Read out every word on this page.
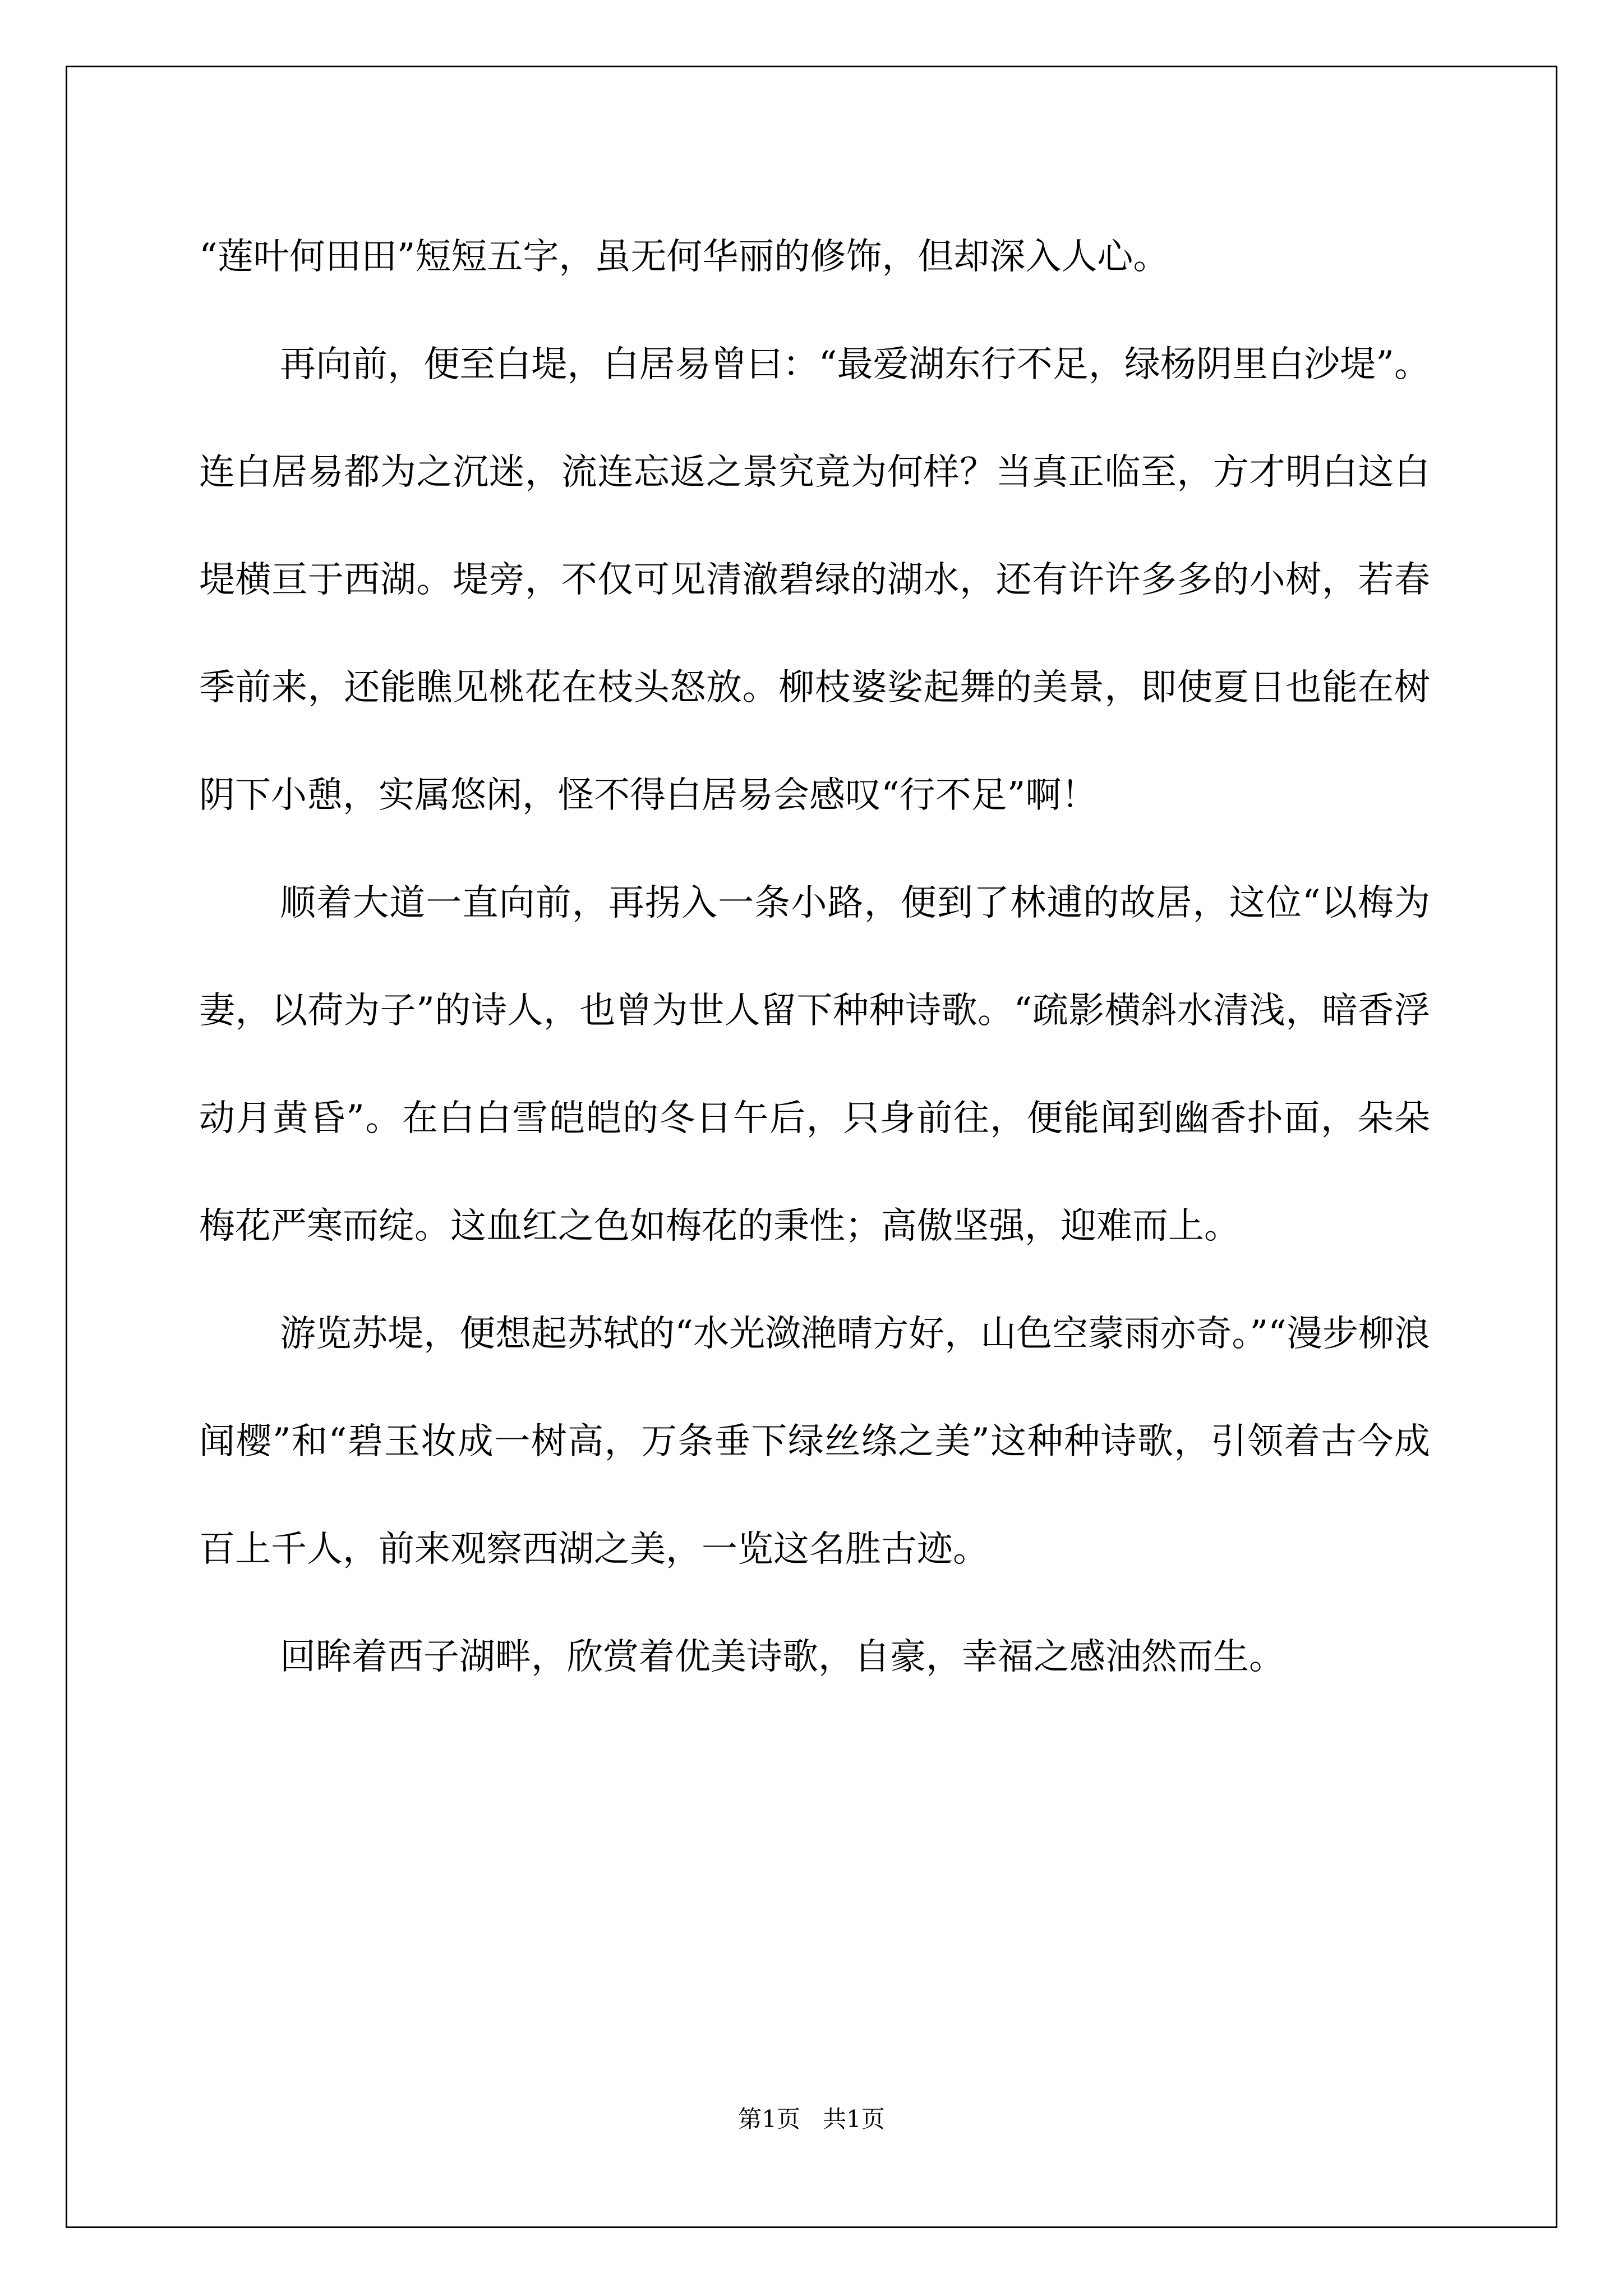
“莲叶何田田”短短五字，虽无何华丽的修饰，但却深入人心。

再向前，便至白堤，白居易曾曰：“最爱湖东行不足，绿杨阴里白沙堤”。连白居易都为之沉迷，流连忘返之景究竟为何样？当真正临至，方才明白这白堤横亘于西湖。堤旁，不仅可见清澈碧绿的湖水，还有许许多多的小树，若春季前来，还能瞧见桃花在枝头怒放。柳枝婆娑起舞的美景，即使夏日也能在树阴下小憩，实属悠闲，怪不得白居易会感叹“行不足”啊！

顺着大道一直向前，再拐入一条小路，便到了林逋的故居，这位“以梅为妻，以荷为子”的诗人，也曾为世人留下种种诗歌。“疏影横斜水清浅，暗香浮动月黄昏”。在白白雪皑皑的冬日午后，只身前往，便能闻到幽香扑面，朵朵梅花严寒而绽。这血红之色如梅花的秉性；高傲坚强，迎难而上。

游览苏堤，便想起苏轼的“水光潋滟晴方好，山色空蒙雨亦奇。”“漫步柳浪闻樱”和“碧玉妆成一树高，万条垂下绿丝绦之美”这种种诗歌，引领着古今成百上千人，前来观察西湖之美，一览这名胜古迹。

回眸着西子湖畔，欣赏着优美诗歌，自豪，幸福之感油然而生。

第1页   共1页
